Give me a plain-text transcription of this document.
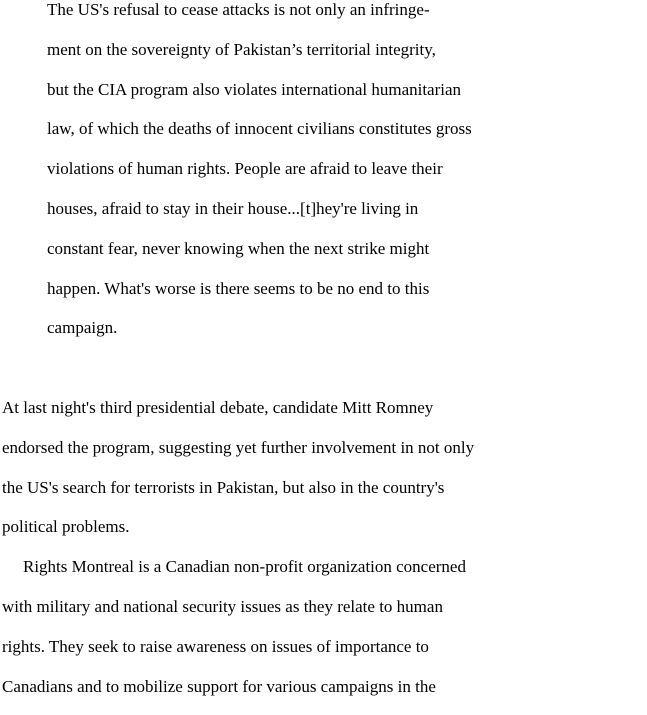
The US's refusal to cease attacks is not only an infringe-
ment on the sovereignty of Pakistan’s territorial integrity,
but the CIA program also violates international humanitarian
law, of which the deaths of innocent civilians constitutes gross
violations of human rights. People are afraid to leave their
houses, afraid to stay in their house...[t]hey're living in
constant fear, never knowing when the next strike might
happen. What's worse is there seems to be no end to this
campaign.
At last night's third presidential debate, candidate Mitt Romney
endorsed the program, suggesting yet further involvement in not only
the US's search for terrorists in Pakistan, but also in the country's
political problems.
Rights Montreal is a Canadian non-profit organization concerned
with military and national security issues as they relate to human
rights. They seek to raise awareness on issues of importance to
Canadians and to mobilize support for various campaigns in the
